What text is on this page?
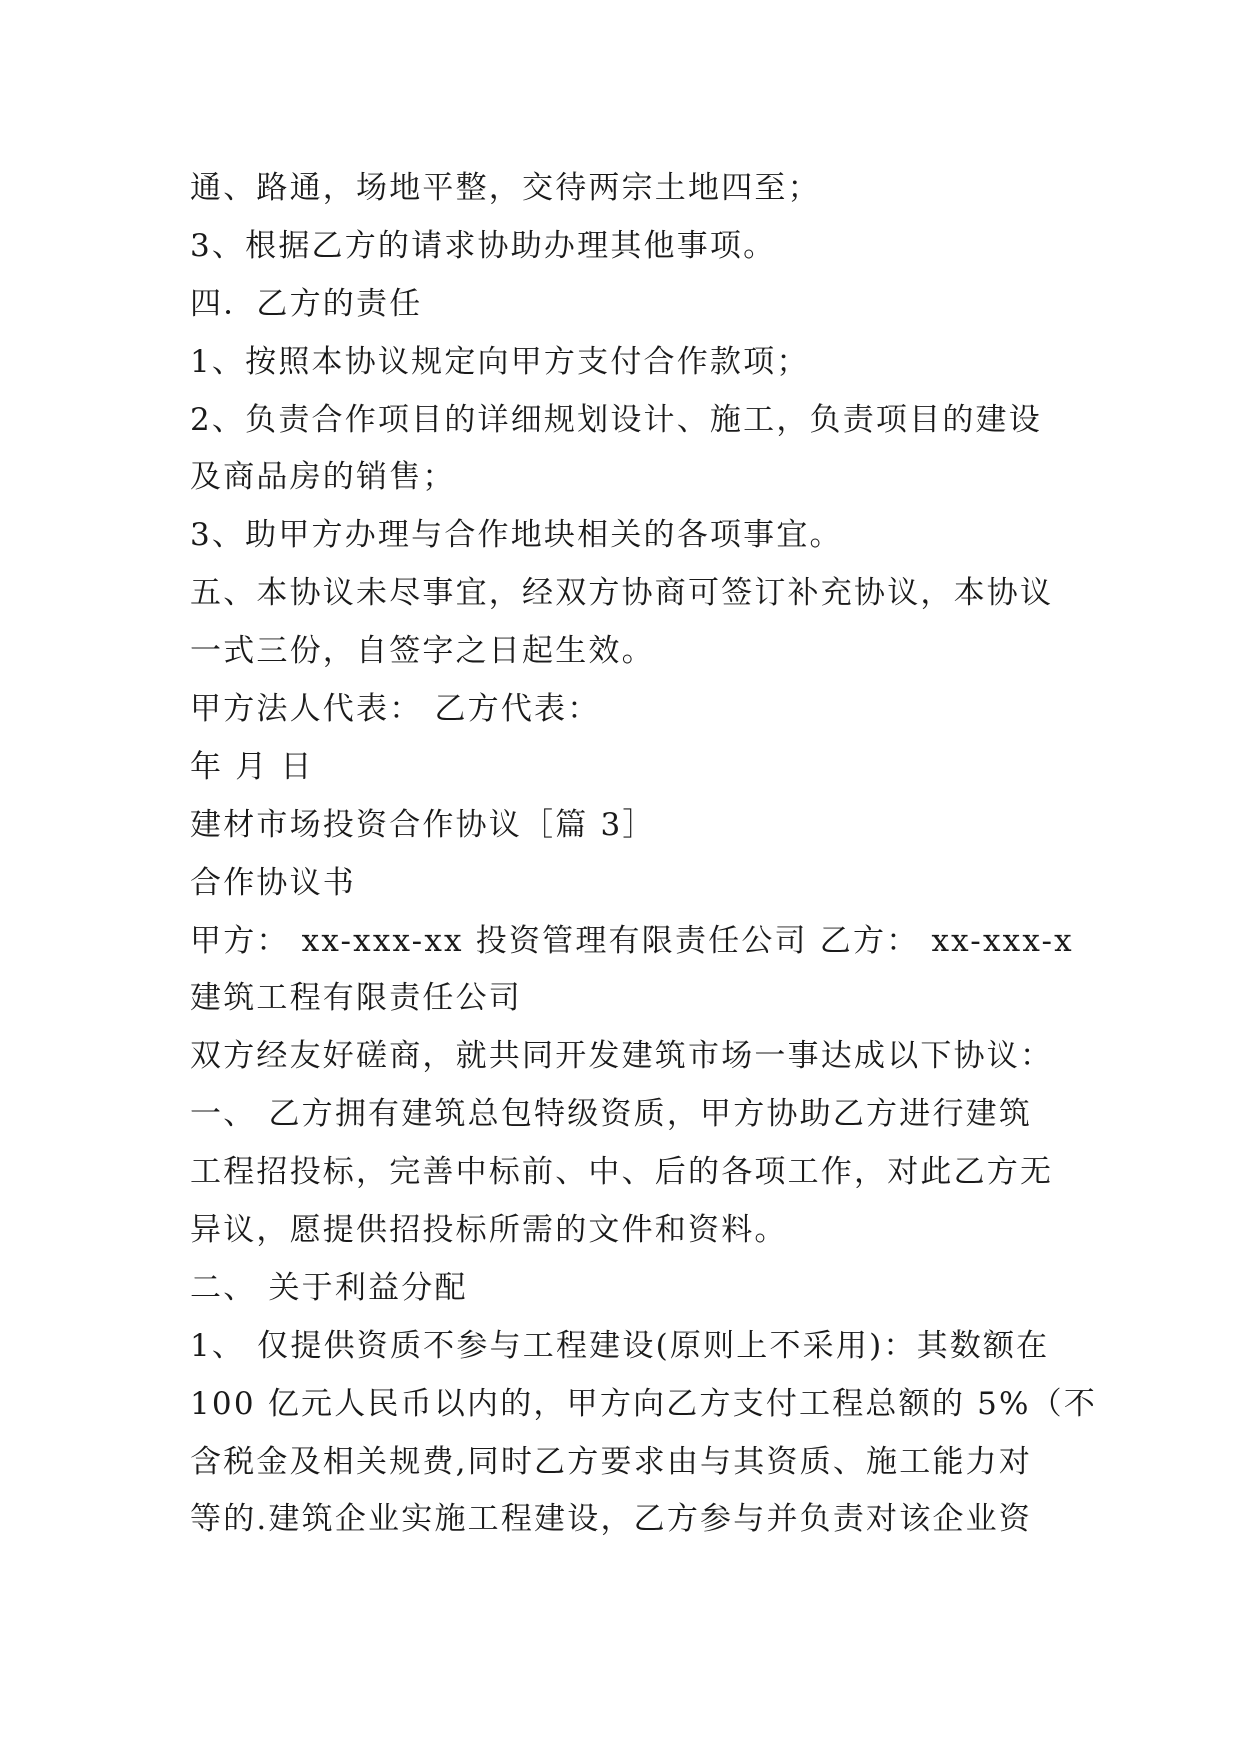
通、路通，场地平整，交待两宗土地四至；

3、根据乙方的请求协助办理其他事项。

四．乙方的责任

1、按照本协议规定向甲方支付合作款项；

2、负责合作项目的详细规划设计、施工，负责项目的建设

及商品房的销售；

3、助甲方办理与合作地块相关的各项事宜。

五、本协议未尽事宜，经双方协商可签订补充协议，本协议

一式三份，自签字之日起生效。

甲方法人代表： 乙方代表：

年 月 日

建材市场投资合作协议［篇 3］

合作协议书

甲方： xx-xxx-xx 投资管理有限责任公司 乙方： xx-xxx-x

建筑工程有限责任公司

双方经友好磋商，就共同开发建筑市场一事达成以下协议：

一、 乙方拥有建筑总包特级资质，甲方协助乙方进行建筑

工程招投标，完善中标前、中、后的各项工作，对此乙方无

异议，愿提供招投标所需的文件和资料。

二、 关于利益分配

1、 仅提供资质不参与工程建设(原则上不采用)：其数额在

100 亿元人民币以内的，甲方向乙方支付工程总额的 5%（不

含税金及相关规费,同时乙方要求由与其资质、施工能力对

等的.建筑企业实施工程建设，乙方参与并负责对该企业资
